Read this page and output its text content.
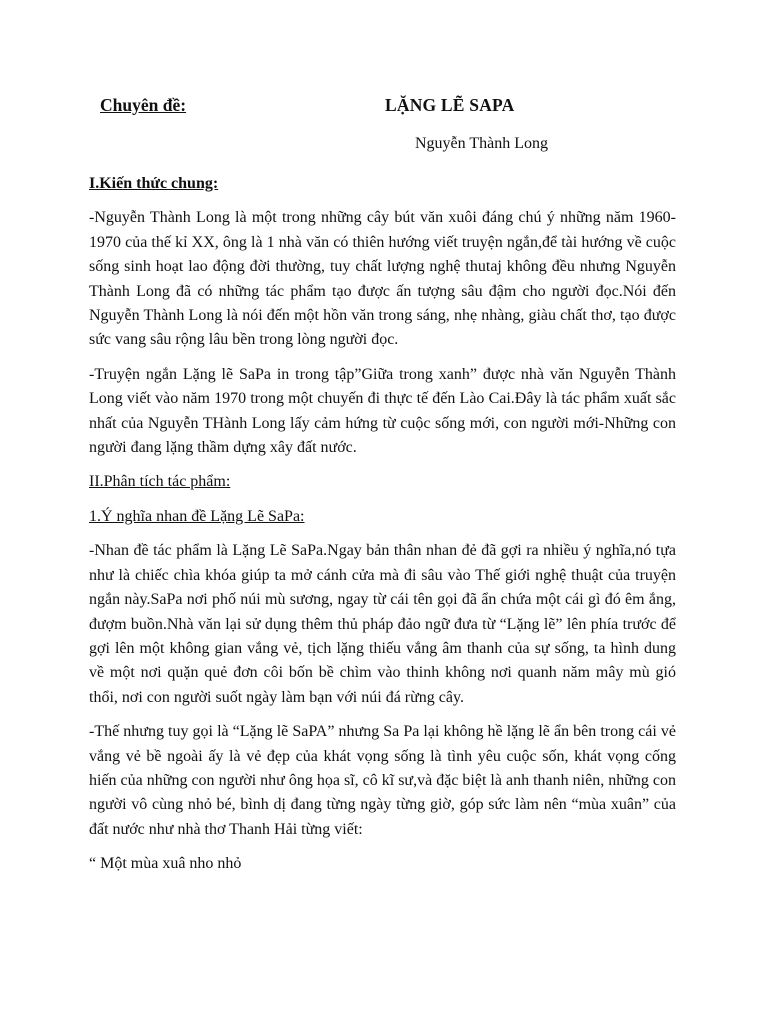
Chuyên đề:	LẶNG LẼ SAPA
Nguyễn Thành Long

I.Kiến thức chung:

-Nguyễn Thành Long là một trong những cây bút văn xuôi đáng chú ý những năm 1960-1970 của thế kỉ XX, ông là 1 nhà văn có thiên hướng viết truyện ngắn,để tài hướng về cuộc sống sinh hoạt lao động đời thường, tuy chất lượng nghệ thutaj không đều nhưng Nguyễn Thành Long đã có những tác phẩm tạo được ấn tượng sâu đậm cho người đọc.Nói đến Nguyễn Thành Long là nói đến một hồn văn trong sáng, nhẹ nhàng, giàu chất thơ, tạo được sức vang sâu rộng lâu bền trong lòng người đọc.

-Truyện ngắn Lặng lẽ SaPa in trong tập”Giữa trong xanh” được nhà văn Nguyễn Thành Long viết vào năm 1970 trong một chuyến đi thực tế đến Lào Cai.Đây là tác phẩm xuất sắc nhất của Nguyễn THành Long lấy cảm hứng từ cuộc sống mới, con người mới-Những con người đang lặng thầm dựng xây đất nước.

II.Phân tích tác phẩm:

1.Ý nghĩa nhan đề Lặng Lẽ SaPa:

-Nhan đề tác phẩm là Lặng Lẽ SaPa.Ngay bản thân nhan đẻ đã gợi ra nhiều ý nghĩa,nó tựa như là chiếc chìa khóa giúp ta mở cánh cửa mà đi sâu vào Thế giới nghệ thuật của truyện ngắn này.SaPa nơi phố núi mù sương, ngay từ cái tên gọi đã ẩn chứa một cái gì đó êm ắng, đượm buồn.Nhà văn lại sử dụng thêm thủ pháp đảo ngữ đưa từ “Lặng lẽ” lên phía trước để gợi lên một không gian vắng vẻ, tịch lặng thiếu vắng âm thanh của sự sống, ta hình dung về một nơi quặn quẻ đơn côi bốn bề chìm vào thinh không nơi quanh năm mây mù gió thổi, nơi con người suốt ngày làm bạn với núi đá rừng cây.

-Thế nhưng tuy gọi là “Lặng lẽ SaPA” nhưng Sa Pa lại không hề lặng lẽ ẩn bên trong cái vẻ vắng vẻ bề ngoài ấy là vẻ đẹp của khát vọng sống là tình yêu cuộc sốn, khát vọng cống hiến của những con người như ông họa sĩ, cô kĩ sư,và đặc biệt là anh thanh niên, những con người vô cùng nhỏ bé, bình dị đang từng ngày từng giờ, góp sức làm nên “mùa xuân” của đất nước như nhà thơ Thanh Hải từng viết:

“ Một mùa xuâ nho nhỏ
